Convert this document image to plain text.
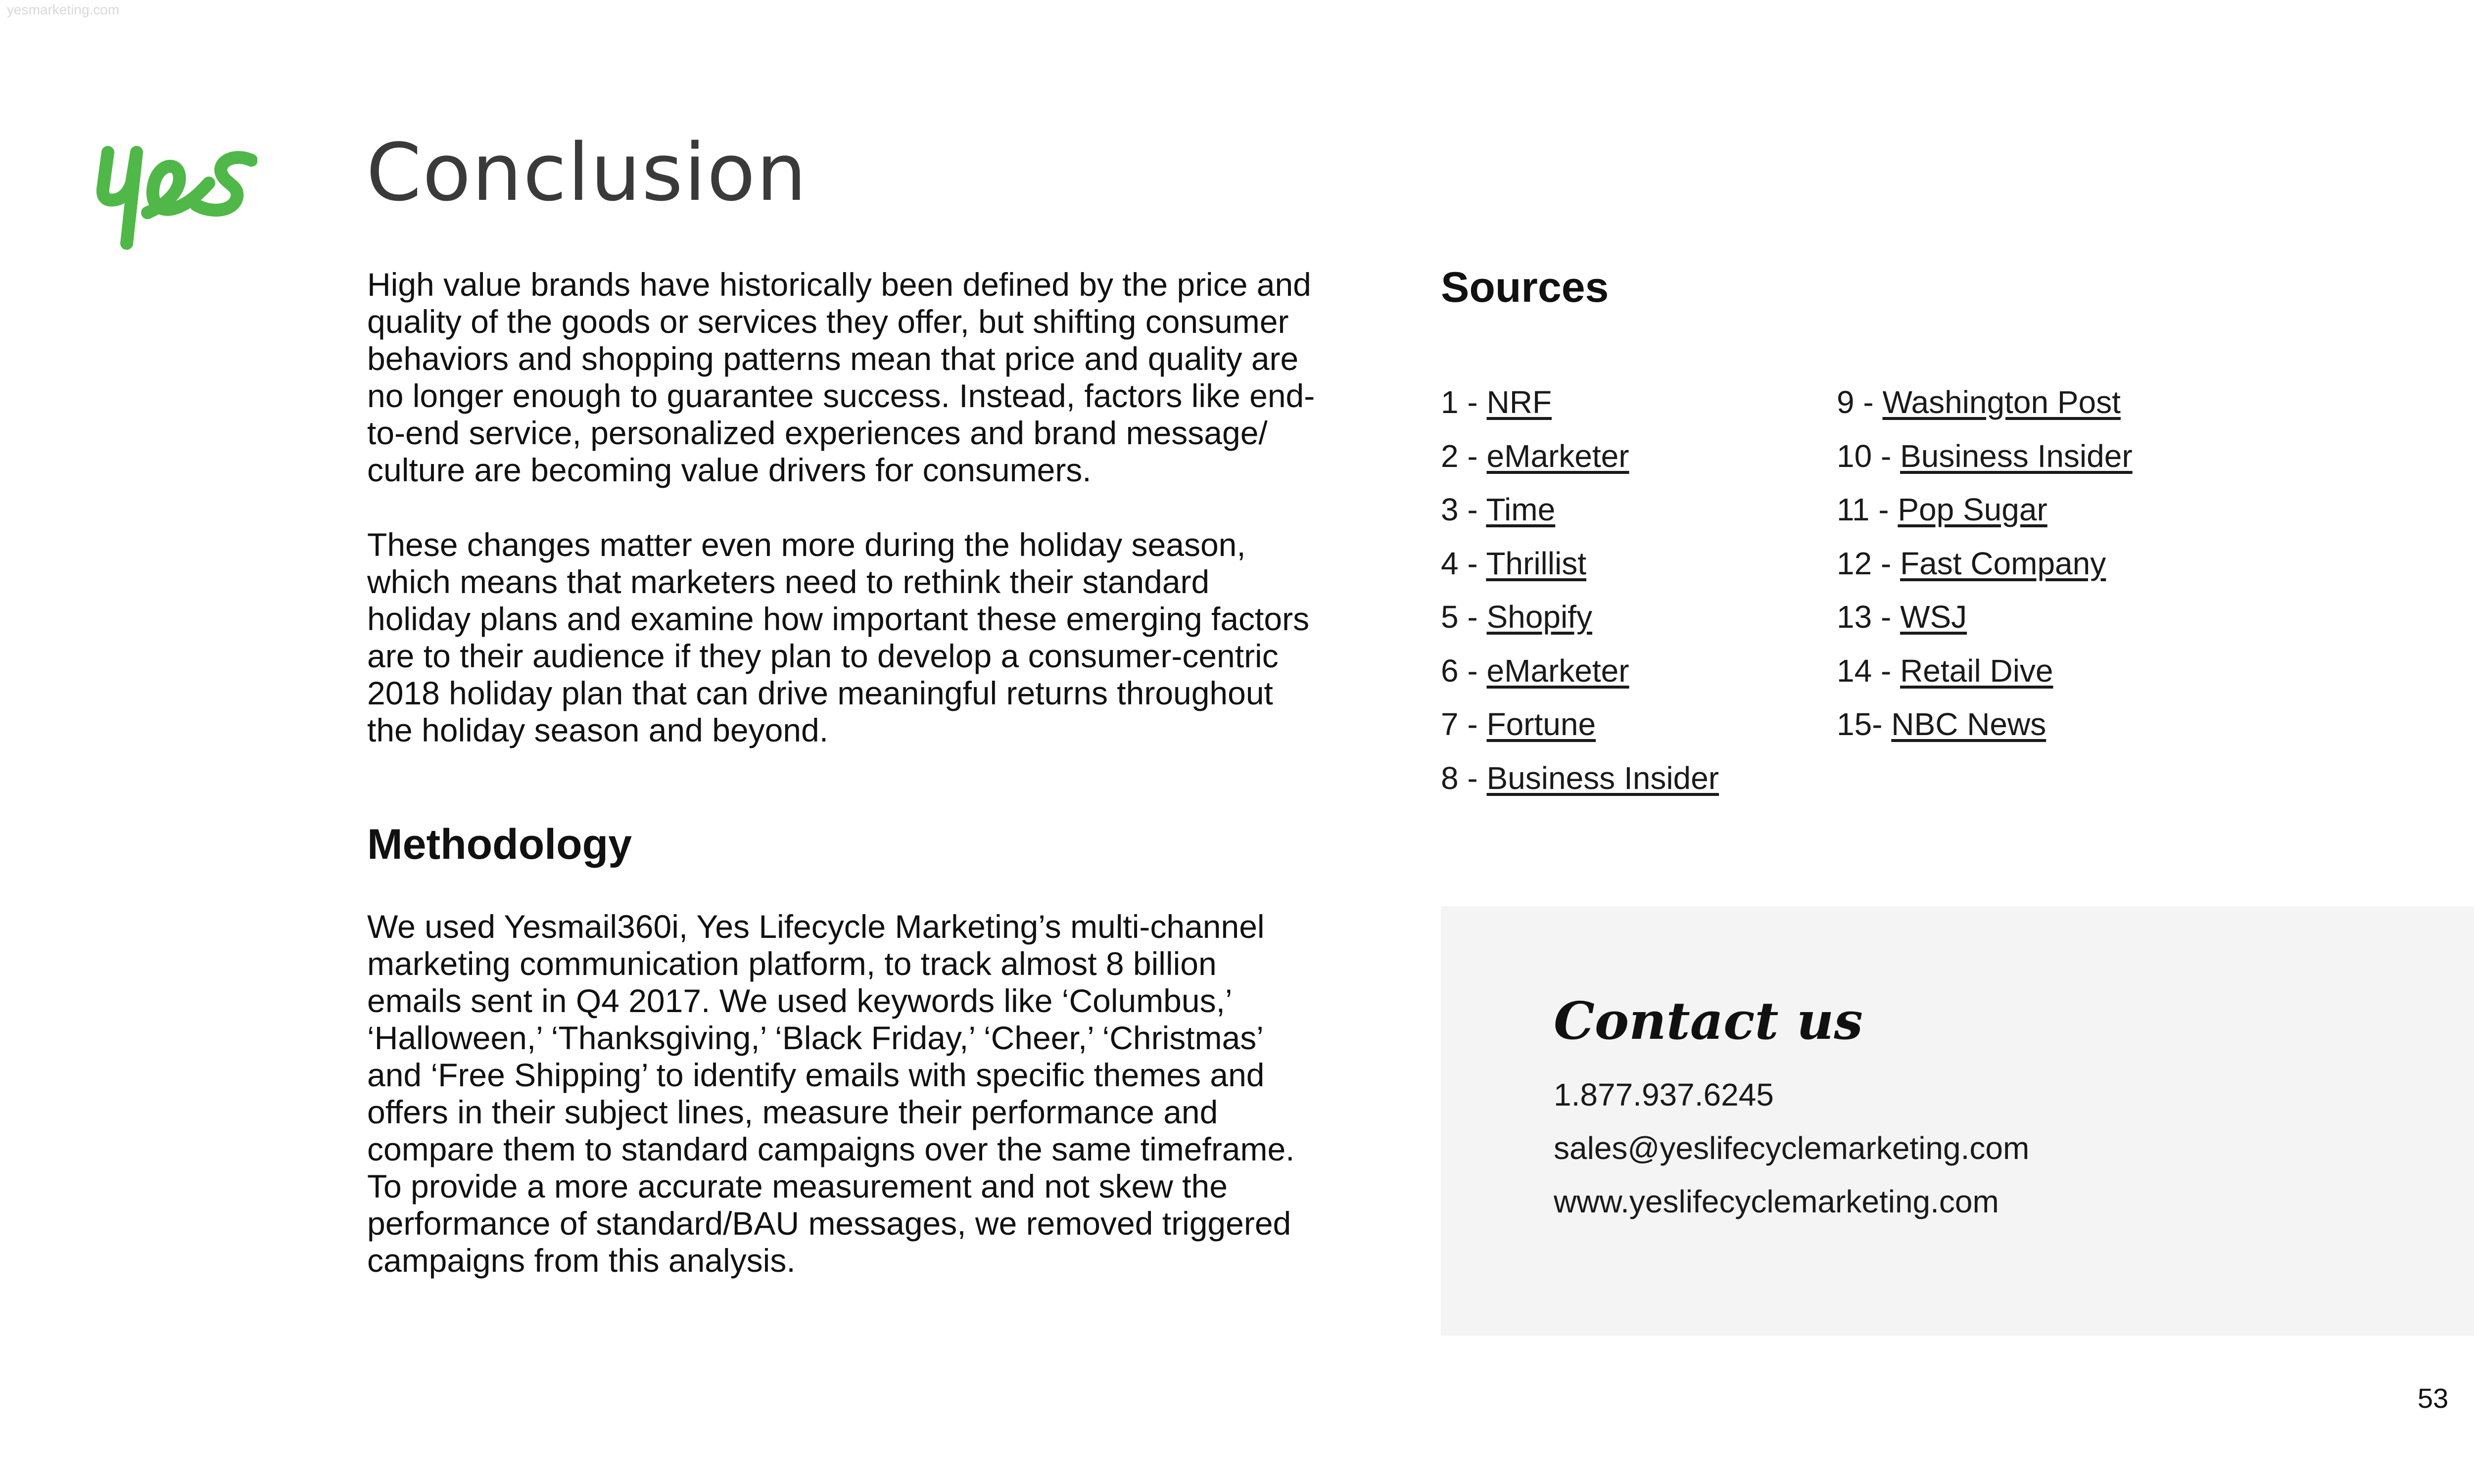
yesmarketing.com
Conclusion

High value brands have historically been defined by the price and quality of the goods or services they offer, but shifting consumer behaviors and shopping patterns mean that price and quality are no longer enough to guarantee success. Instead, factors like end-to-end service, personalized experiences and brand message/ culture are becoming value drivers for consumers.

These changes matter even more during the holiday season, which means that marketers need to rethink their standard holiday plans and examine how important these emerging factors are to their audience if they plan to develop a consumer-centric 2018 holiday plan that can drive meaningful returns throughout the holiday season and beyond.

Methodology

We used Yesmail360i, Yes Lifecycle Marketing’s multi-channel marketing communication platform, to track almost 8 billion emails sent in Q4 2017. We used keywords like ‘Columbus,’ ‘Halloween,’ ‘Thanksgiving,’ ‘Black Friday,’ ‘Cheer,’ ‘Christmas’ and ‘Free Shipping’ to identify emails with specific themes and offers in their subject lines, measure their performance and compare them to standard campaigns over the same timeframe. To provide a more accurate measurement and not skew the performance of standard/BAU messages, we removed triggered campaigns from this analysis.

Sources
1 - NRF
2 - eMarketer
3 - Time
4 - Thrillist
5 - Shopify
6 - eMarketer
7 - Fortune
8 - Business Insider
9 - Washington Post
10 - Business Insider
11 - Pop Sugar
12 - Fast Company
13 - WSJ
14 - Retail Dive
15- NBC News
Contact us

1.877.937.6245

sales@yeslifecyclemarketing.com

www.yeslifecyclemarketing.com

53
